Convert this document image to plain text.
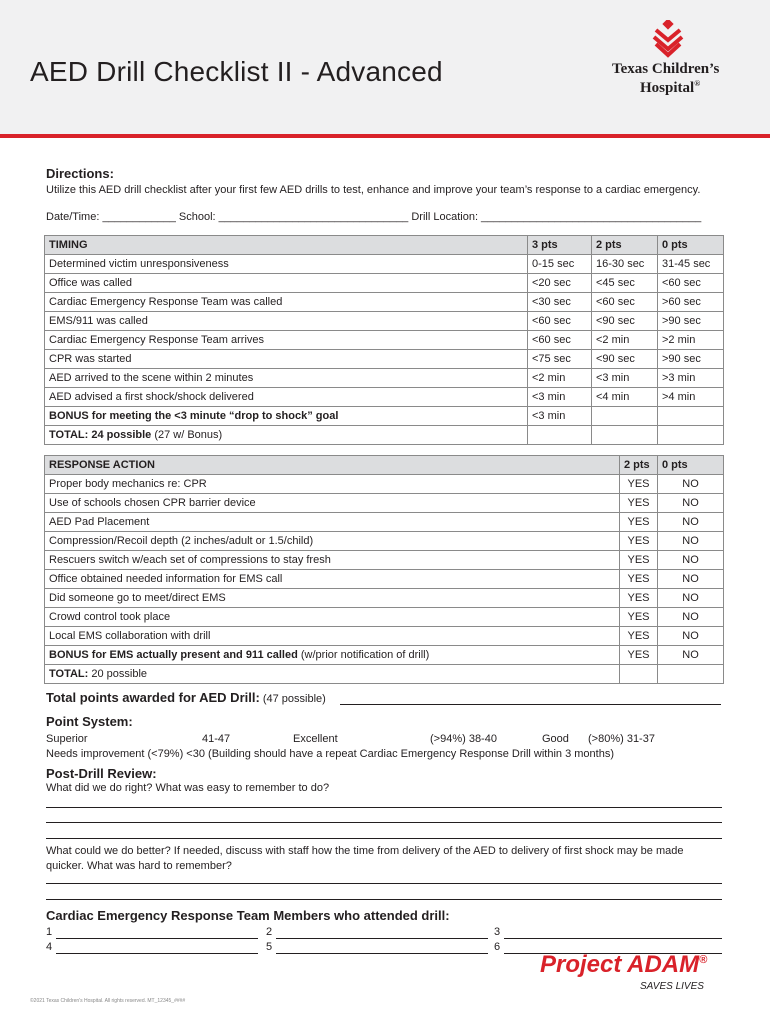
AED Drill Checklist II - Advanced	Texas Children’s
Hospital®
Directions:
Utilize this AED drill checklist after your first few AED drills to test, enhance and improve your team’s response to a cardiac emergency.
Date/Time: ____________ School: _______________________________ Drill Location: ____________________________________
TIMING	3 pts	2 pts	0 pts
Determined victim unresponsiveness	0-15 sec	16-30 sec	31-45 sec
Office was called	<20 sec	<45 sec	<60 sec
Cardiac Emergency Response Team was called	<30 sec	<60 sec	>60 sec
EMS/911 was called	<60 sec	<90 sec	>90 sec
Cardiac Emergency Response Team arrives	<60 sec	<2 min	>2 min
CPR was started	<75 sec	<90 sec	>90 sec
AED arrived to the scene within 2 minutes	<2 min	<3 min	>3 min
AED advised a first shock/shock delivered	<3 min	<4 min	>4 min
BONUS for meeting the <3 minute “drop to shock” goal	<3 min		
TOTAL: 24 possible (27 w/ Bonus)			
RESPONSE ACTION	2 pts	0 pts
Proper body mechanics re: CPR	YES	NO
Use of schools chosen CPR barrier device	YES	NO
AED Pad Placement	YES	NO
Compression/Recoil depth (2 inches/adult or 1.5/child)	YES	NO
Rescuers switch w/each set of compressions to stay fresh	YES	NO
Office obtained needed information for EMS call	YES	NO
Did someone go to meet/direct EMS	YES	NO
Crowd control took place	YES	NO
Local EMS collaboration with drill	YES	NO
BONUS for EMS actually present and 911 called (w/prior notification of drill)	YES	NO
TOTAL: 20 possible		
Total points awarded for AED Drill: (47 possible)
Point System:
Superior	41-47	Excellent	(>94%) 38-40	Good (>80%) 31-37
Needs improvement (<79%) <30 (Building should have a repeat Cardiac Emergency Response Drill within 3 months)
Post-Drill Review:
What did we do right? What was easy to remember to do?
What could we do better? If needed, discuss with staff how the time from delivery of the AED to delivery of first shock may be made
quicker. What was hard to remember?
Cardiac Emergency Response Team Members who attended drill:
1	2	3
4	5	6
Project ADAM®
SAVES LIVES
©2021 Texas Children's Hospital. All rights reserved. MT_12345_####
